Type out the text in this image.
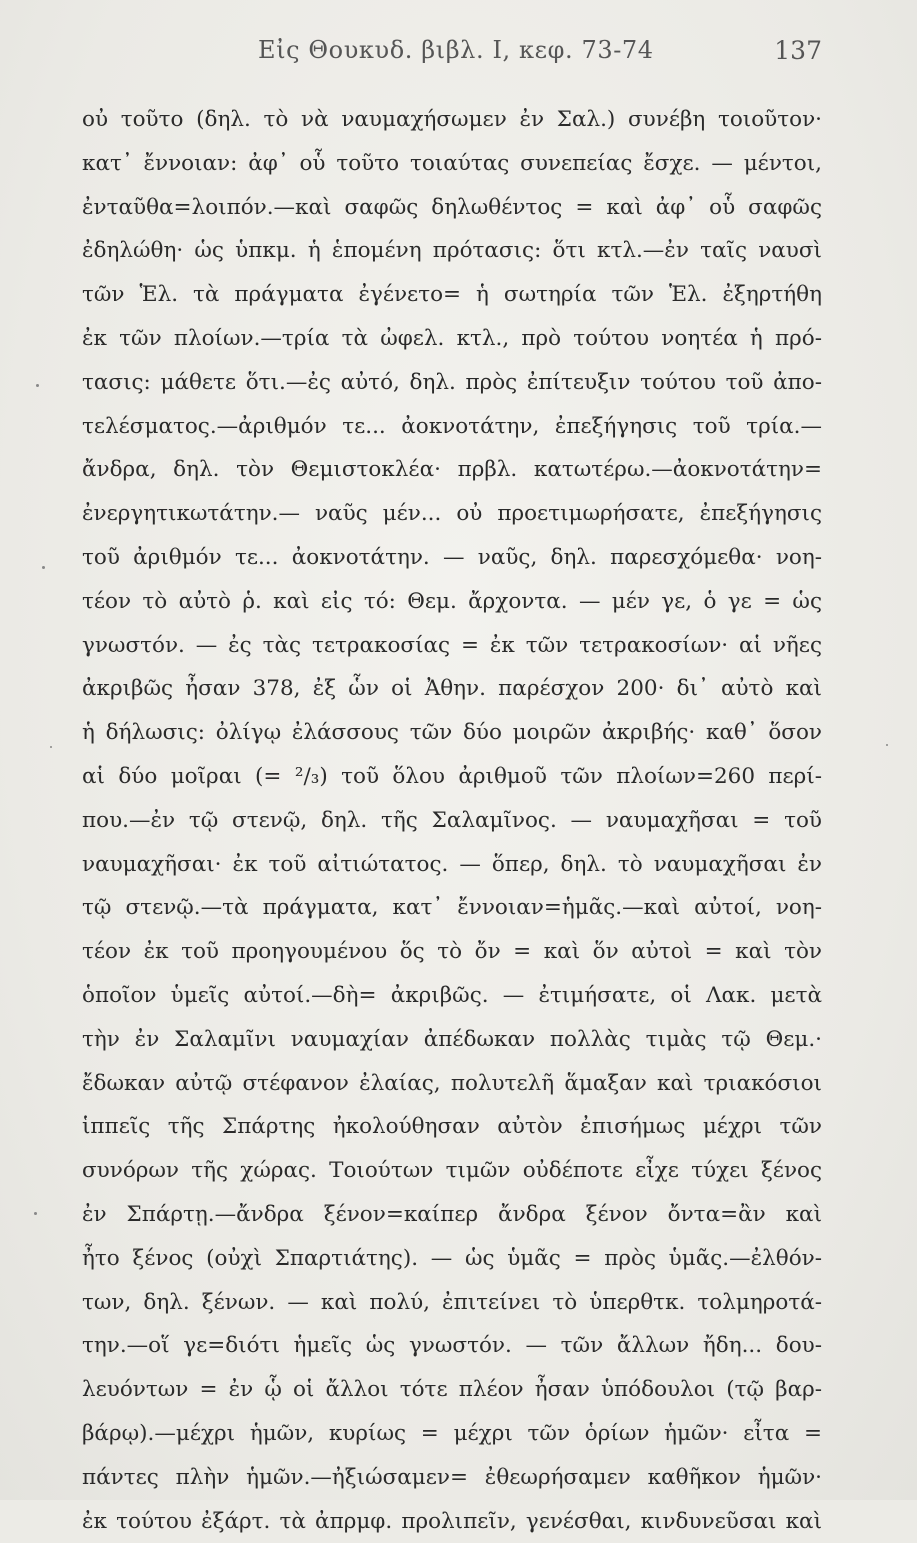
Εἰς Θουκυδ. βιβλ. I, κεφ. 73-74	137
οὐ τοῦτο (δηλ. τὸ νὰ ναυμαχήσωμεν ἐν Σαλ.) συνέβη τοιοῦτον·
κατ᾽ ἔννοιαν: ἀφ᾽ οὗ τοῦτο τοιαύτας συνεπείας ἔσχε. — μέντοι,
ἐνταῦθα=λοιπόν.—καὶ σαφῶς δηλωθέντος = καὶ ἀφ᾽ οὗ σαφῶς
ἐδηλώθη· ὡς ὑπκμ. ἡ ἑπομένη πρότασις: ὅτι κτλ.—ἐν ταῖς ναυσὶ
τῶν Ἑλ. τὰ πράγματα ἐγένετο= ἡ σωτηρία τῶν Ἑλ. ἐξηρτήθη
ἐκ τῶν πλοίων.—τρία τὰ ὠφελ. κτλ., πρὸ τούτου νοητέα ἡ πρό-
τασις: μάθετε ὅτι.—ἐς αὐτό, δηλ. πρὸς ἐπίτευξιν τούτου τοῦ ἀπο-
τελέσματος.—ἀριθμόν τε... ἀοκνοτάτην, ἐπεξήγησις τοῦ τρία.—
ἄνδρα, δηλ. τὸν Θεμιστοκλέα· πρβλ. κατωτέρω.—ἀοκνοτάτην=
ἐνεργητικωτάτην.— ναῦς μέν... οὐ προετιμωρήσατε, ἐπεξήγησις
τοῦ ἀριθμόν τε... ἀοκνοτάτην. — ναῦς, δηλ. παρεσχόμεθα· νοη-
τέον τὸ αὐτὸ ῥ. καὶ εἰς τό: Θεμ. ἄρχοντα. — μέν γε, ὁ γε = ὡς
γνωστόν. — ἐς τὰς τετρακοσίας = ἐκ τῶν τετρακοσίων· αἱ νῆες
ἀκριβῶς ἦσαν 378, ἐξ ὧν οἱ Ἀθην. παρέσχον 200· δι᾽ αὐτὸ καὶ
ἡ δήλωσις: ὀλίγῳ ἐλάσσους τῶν δύο μοιρῶν ἀκριβής· καθ᾽ ὅσον
αἱ δύο μοῖραι (= ²/₃) τοῦ ὅλου ἀριθμοῦ τῶν πλοίων=260 περί-
που.—ἐν τῷ στενῷ, δηλ. τῆς Σαλαμῖνος. — ναυμαχῆσαι = τοῦ
ναυμαχῆσαι· ἐκ τοῦ αἰτιώτατος. — ὅπερ, δηλ. τὸ ναυμαχῆσαι ἐν
τῷ στενῷ.—τὰ πράγματα, κατ᾽ ἔννοιαν=ἡμᾶς.—καὶ αὐτοί, νοη-
τέον ἐκ τοῦ προηγουμένου ὅς τὸ ὄν = καὶ ὅν αὐτοὶ = καὶ τὸν
ὁποῖον ὑμεῖς αὐτοί.—δὴ= ἀκριβῶς. — ἐτιμήσατε, οἱ Λακ. μετὰ
τὴν ἐν Σαλαμῖνι ναυμαχίαν ἀπέδωκαν πολλὰς τιμὰς τῷ Θεμ.·
ἔδωκαν αὐτῷ στέφανον ἐλαίας, πολυτελῆ ἅμαξαν καὶ τριακόσιοι
ἱππεῖς τῆς Σπάρτης ἠκολούθησαν αὐτὸν ἐπισήμως μέχρι τῶν
συνόρων τῆς χώρας. Τοιούτων τιμῶν οὐδέποτε εἶχε τύχει ξένος
ἐν Σπάρτῃ.—ἄνδρα ξένον=καίπερ ἄνδρα ξένον ὄντα=ἂν καὶ
ἦτο ξένος (οὐχὶ Σπαρτιάτης). — ὡς ὑμᾶς = πρὸς ὑμᾶς.—ἐλθόν-
των, δηλ. ξένων. — καὶ πολύ, ἐπιτείνει τὸ ὑπερθτκ. τολμηροτά-
την.—οἵ γε=διότι ἡμεῖς ὡς γνωστόν. — τῶν ἄλλων ἤδη... δου-
λευόντων = ἐν ᾧ οἱ ἄλλοι τότε πλέον ἦσαν ὑπόδουλοι (τῷ βαρ-
βάρῳ).—μέχρι ἡμῶν, κυρίως = μέχρι τῶν ὁρίων ἡμῶν· εἶτα =
πάντες πλὴν ἡμῶν.—ἠξιώσαμεν= ἐθεωρήσαμεν καθῆκον ἡμῶν·
ἐκ τούτου ἐξάρτ. τὰ ἀπρμφ. προλιπεῖν, γενέσθαι, κινδυνεῦσαι καὶ
